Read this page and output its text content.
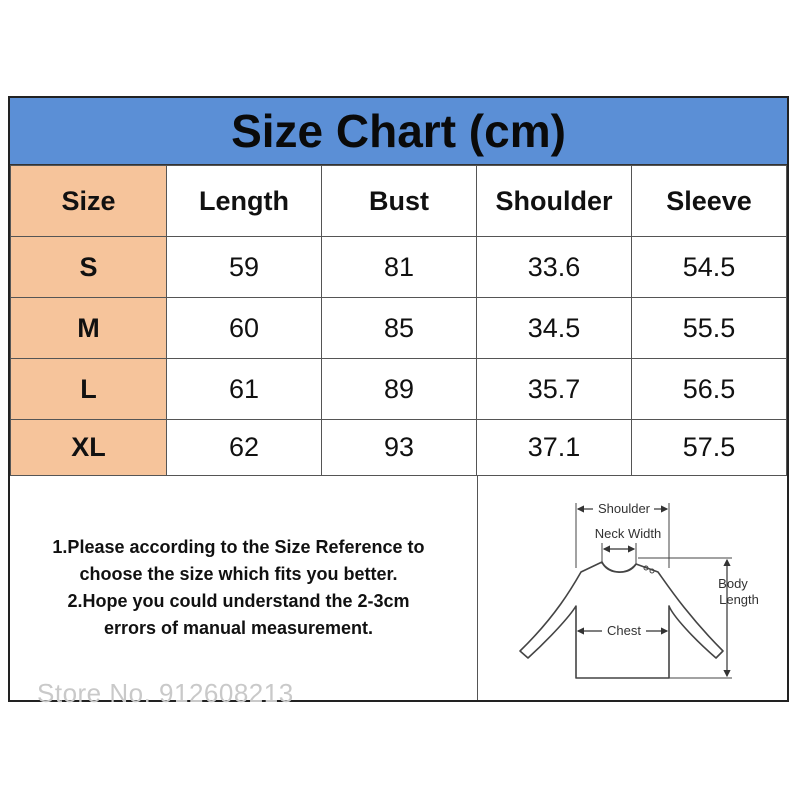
Size Chart (cm)
Size	Length	Bust	Shoulder	Sleeve
S	59	81	33.6	54.5
M	60	85	34.5	55.5
L	61	89	35.7	56.5
XL	62	93	37.1	57.5
1.Please according to the Size Reference to
choose the size which fits you better.
2.Hope you could understand the 2-3cm
errors of manual measurement.
Shoulder
Neck Width
Body
Length
Chest
Store No. 912608213
